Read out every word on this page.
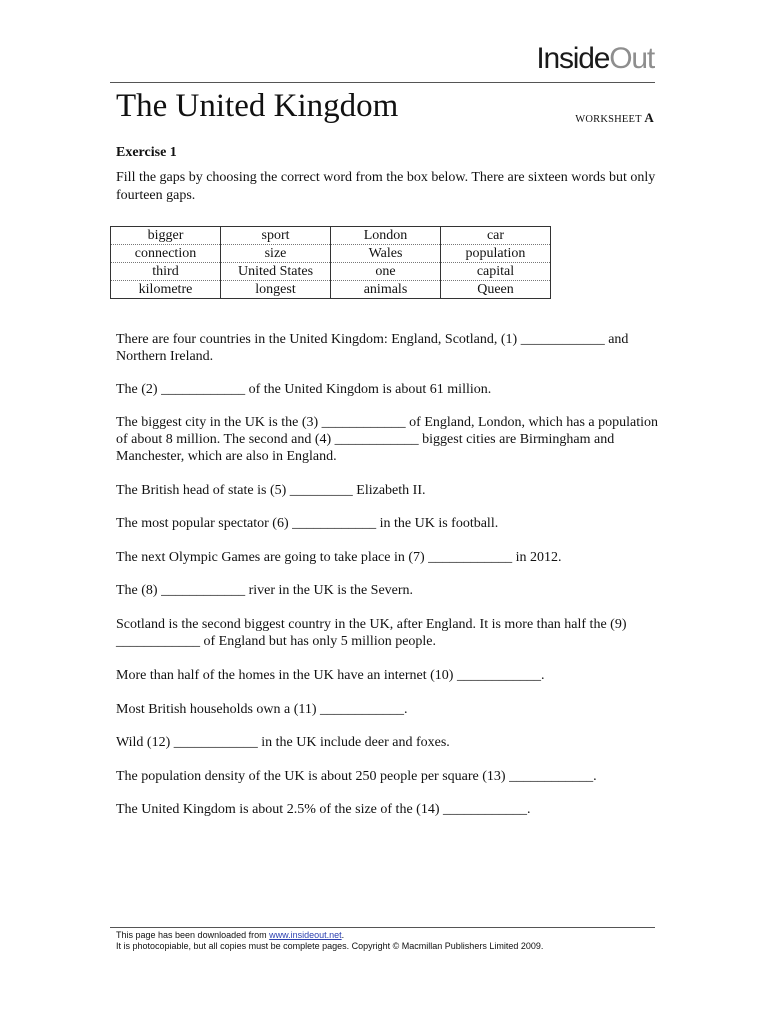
InsideOut
The United Kingdom	WORKSHEET A
Exercise 1
Fill the gaps by choosing the correct word from the box below. There are sixteen words but only fourteen gaps.
bigger	sport	London	car
connection	size	Wales	population
third	United States	one	capital
kilometre	longest	animals	Queen
There are four countries in the United Kingdom: England, Scotland, (1) ____________ and Northern Ireland.
The (2) ____________ of the United Kingdom is about 61 million.
The biggest city in the UK is the (3) ____________ of England, London, which has a population of about 8 million. The second and (4) ____________ biggest cities are Birmingham and Manchester, which are also in England.
The British head of state is (5) _________ Elizabeth II.
The most popular spectator (6) ____________ in the UK is football.
The next Olympic Games are going to take place in (7) ____________ in 2012.
The (8) ____________ river in the UK is the Severn.
Scotland is the second biggest country in the UK, after England. It is more than half the (9) ____________ of England but has only 5 million people.
More than half of the homes in the UK have an internet (10) ____________.
Most British households own a (11) ____________.
Wild (12) ____________ in the UK include deer and foxes.
The population density of the UK is about 250 people per square (13) ____________.
The United Kingdom is about 2.5% of the size of the (14) ____________.
This page has been downloaded from www.insideout.net.
It is photocopiable, but all copies must be complete pages. Copyright © Macmillan Publishers Limited 2009.
